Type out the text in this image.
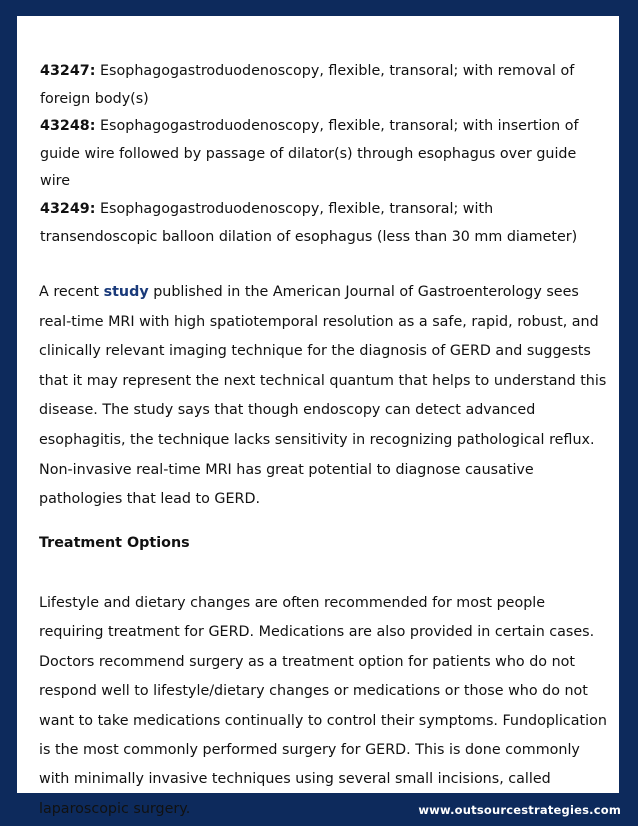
43247: Esophagogastroduodenoscopy, flexible, transoral; with removal of foreign body(s)

43248: Esophagogastroduodenoscopy, flexible, transoral; with insertion of guide wire followed by passage of dilator(s) through esophagus over guide wire

43249: Esophagogastroduodenoscopy, flexible, transoral; with transendoscopic balloon dilation of esophagus (less than 30 mm diameter)

A recent study published in the American Journal of Gastroenterology sees real-time MRI with high spatiotemporal resolution as a safe, rapid, robust, and clinically relevant imaging technique for the diagnosis of GERD and suggests that it may represent the next technical quantum that helps to understand this disease. The study says that though endoscopy can detect advanced esophagitis, the technique lacks sensitivity in recognizing pathological reflux. Non-invasive real-time MRI has great potential to diagnose causative pathologies that lead to GERD.

Treatment Options

Lifestyle and dietary changes are often recommended for most people requiring treatment for GERD. Medications are also provided in certain cases. Doctors recommend surgery as a treatment option for patients who do not respond well to lifestyle/dietary changes or medications or those who do not want to take medications continually to control their symptoms. Fundoplication is the most commonly performed surgery for GERD. This is done commonly with minimally invasive techniques using several small incisions, called laparoscopic surgery.	www.outsourcestrategies.com
